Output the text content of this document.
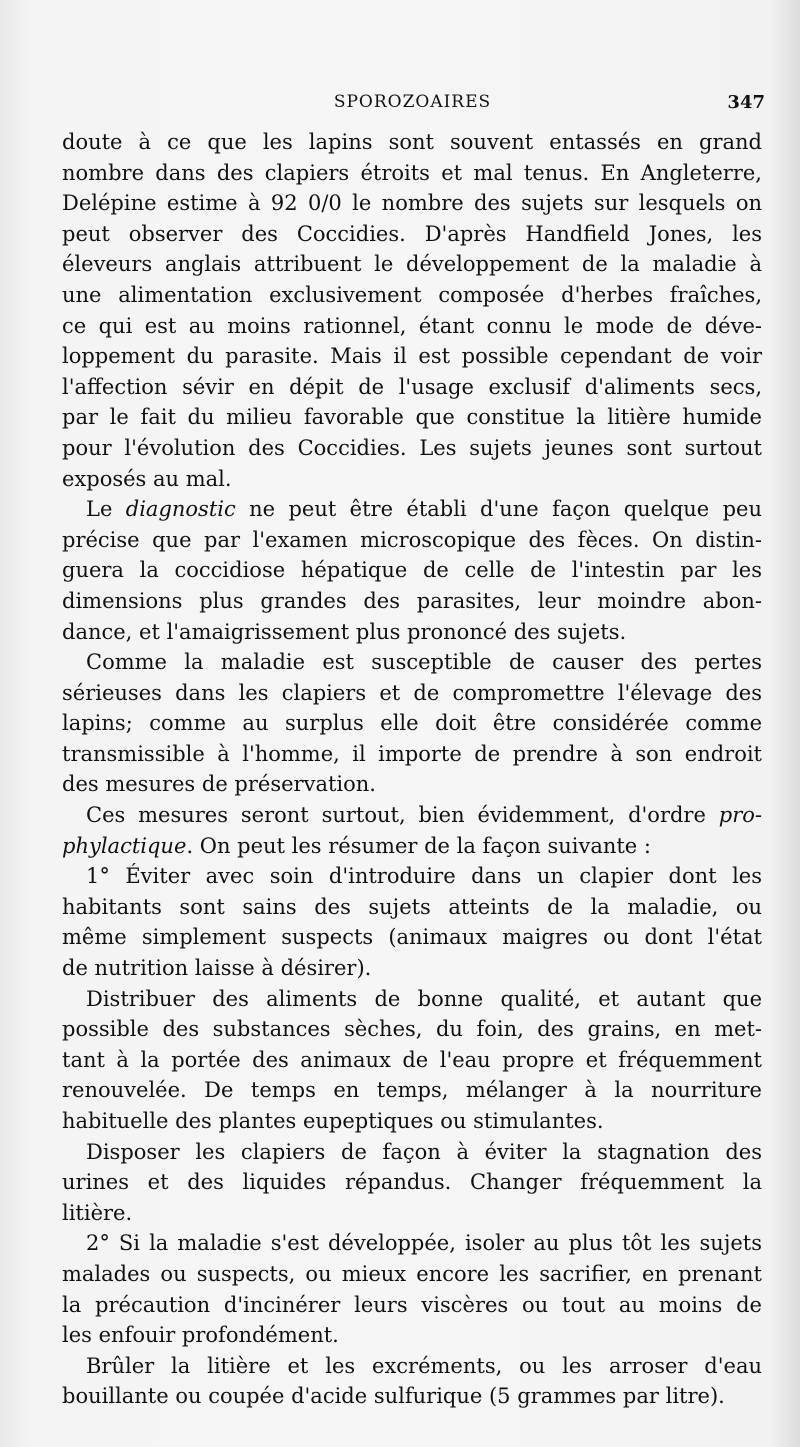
SPOROZOAIRES	347
doute à ce que les lapins sont souvent entassés en grand
nombre dans des clapiers étroits et mal tenus. En Angleterre,
Delépine estime à 92 0/0 le nombre des sujets sur lesquels on
peut observer des Coccidies. D'après Handfield Jones, les
éleveurs anglais attribuent le développement de la maladie à
une alimentation exclusivement composée d'herbes fraîches,
ce qui est au moins rationnel, étant connu le mode de déve-
loppement du parasite. Mais il est possible cependant de voir
l'affection sévir en dépit de l'usage exclusif d'aliments secs,
par le fait du milieu favorable que constitue la litière humide
pour l'évolution des Coccidies. Les sujets jeunes sont surtout
exposés au mal.
Le diagnostic ne peut être établi d'une façon quelque peu
précise que par l'examen microscopique des fèces. On distin-
guera la coccidiose hépatique de celle de l'intestin par les
dimensions plus grandes des parasites, leur moindre abon-
dance, et l'amaigrissement plus prononcé des sujets.
Comme la maladie est susceptible de causer des pertes
sérieuses dans les clapiers et de compromettre l'élevage des
lapins; comme au surplus elle doit être considérée comme
transmissible à l'homme, il importe de prendre à son endroit
des mesures de préservation.
Ces mesures seront surtout, bien évidemment, d'ordre pro-
phylactique. On peut les résumer de la façon suivante :
1° Éviter avec soin d'introduire dans un clapier dont les
habitants sont sains des sujets atteints de la maladie, ou
même simplement suspects (animaux maigres ou dont l'état
de nutrition laisse à désirer).
Distribuer des aliments de bonne qualité, et autant que
possible des substances sèches, du foin, des grains, en met-
tant à la portée des animaux de l'eau propre et fréquemment
renouvelée. De temps en temps, mélanger à la nourriture
habituelle des plantes eupeptiques ou stimulantes.
Disposer les clapiers de façon à éviter la stagnation des
urines et des liquides répandus. Changer fréquemment la
litière.
2° Si la maladie s'est développée, isoler au plus tôt les sujets
malades ou suspects, ou mieux encore les sacrifier, en prenant
la précaution d'incinérer leurs viscères ou tout au moins de
les enfouir profondément.
Brûler la litière et les excréments, ou les arroser d'eau
bouillante ou coupée d'acide sulfurique (5 grammes par litre).
